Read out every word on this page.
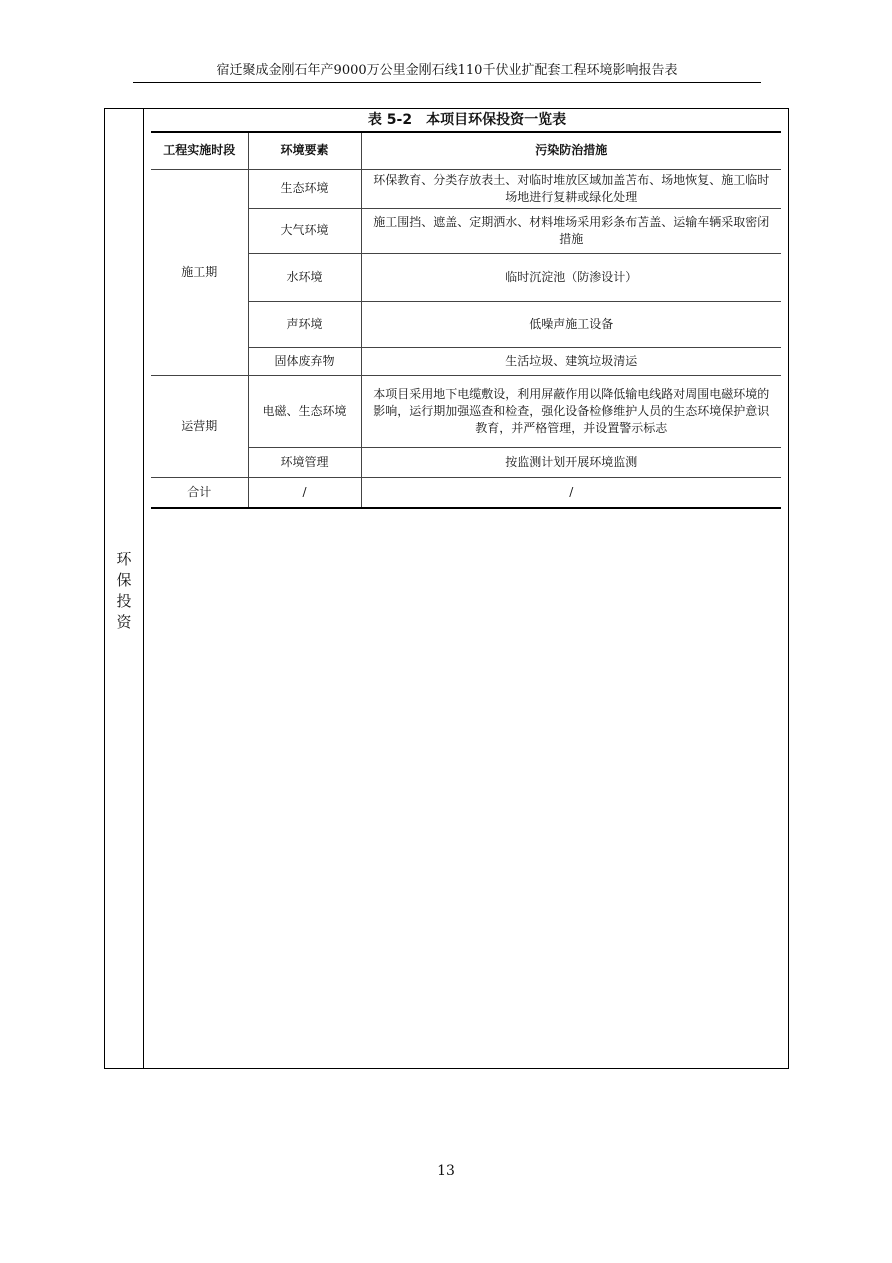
宿迁聚成金刚石年产9000万公里金刚石线110千伏业扩配套工程环境影响报告表
环
保
投
资
表 5-2　本项目环保投资一览表
工程实施时段	环境要素	污染防治措施
施工期	生态环境	环保教育、分类存放表土、对临时堆放区域加盖苫布、场地恢复、施工临时场地进行复耕或绿化处理
	大气环境	施工围挡、遮盖、定期洒水、材料堆场采用彩条布苫盖、运输车辆采取密闭措施
	水环境	临时沉淀池（防渗设计）
	声环境	低噪声施工设备
	固体废弃物	生活垃圾、建筑垃圾清运
运营期	电磁、生态环境	本项目采用地下电缆敷设，利用屏蔽作用以降低输电线路对周围电磁环境的影响，运行期加强巡查和检查，强化设备检修维护人员的生态环境保护意识教育，并严格管理，并设置警示标志
	环境管理	按监测计划开展环境监测
合计	/	/
13
